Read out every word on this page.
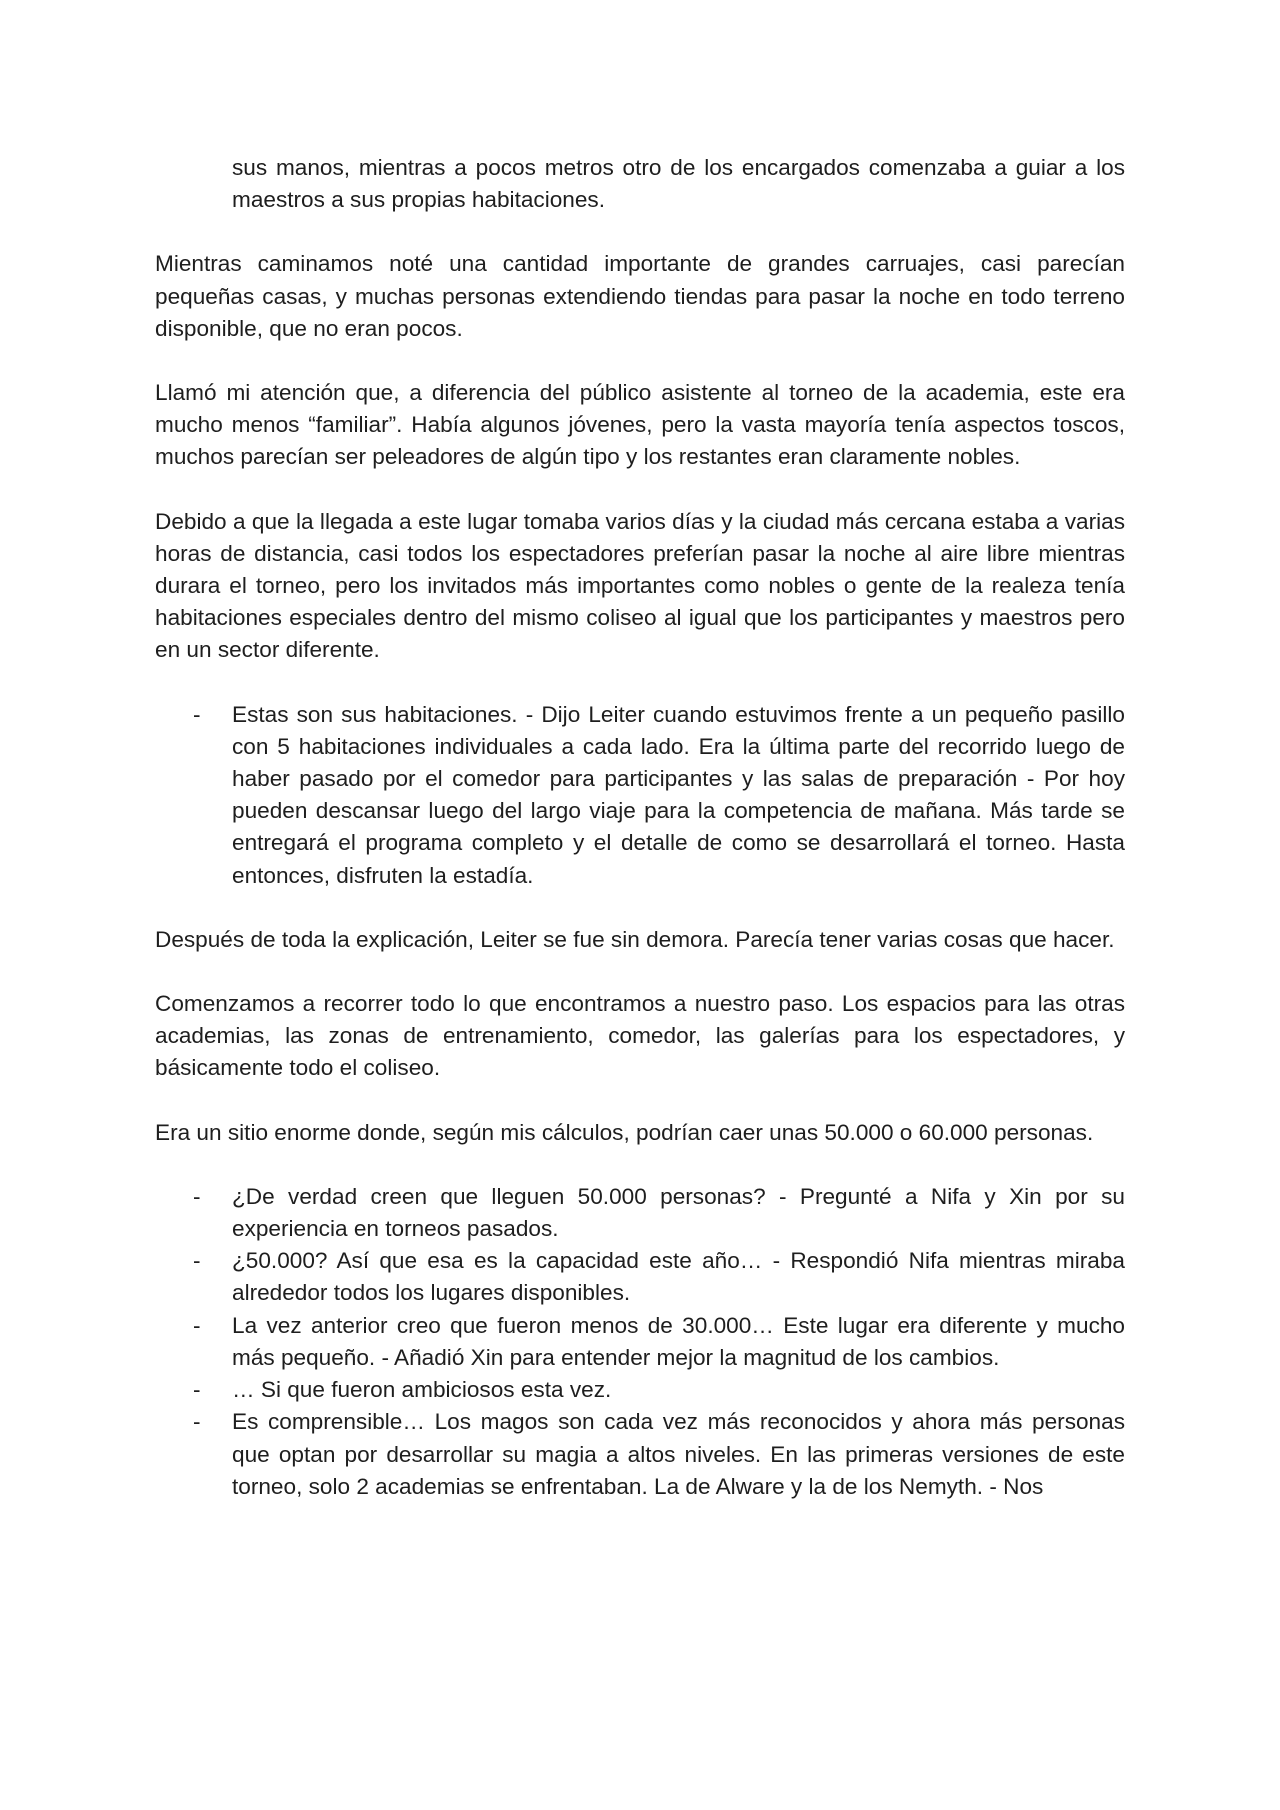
sus manos, mientras a pocos metros otro de los encargados comenzaba a guiar a los maestros a sus propias habitaciones.

Mientras caminamos noté una cantidad importante de grandes carruajes, casi parecían pequeñas casas, y muchas personas extendiendo tiendas para pasar la noche en todo terreno disponible, que no eran pocos.

Llamó mi atención que, a diferencia del público asistente al torneo de la academia, este era mucho menos “familiar”. Había algunos jóvenes, pero la vasta mayoría tenía aspectos toscos, muchos parecían ser peleadores de algún tipo y los restantes eran claramente nobles.

Debido a que la llegada a este lugar tomaba varios días y la ciudad más cercana estaba a varias horas de distancia, casi todos los espectadores preferían pasar la noche al aire libre mientras durara el torneo, pero los invitados más importantes como nobles o gente de la realeza tenía habitaciones especiales dentro del mismo coliseo al igual que los participantes y maestros pero en un sector diferente.

- Estas son sus habitaciones. - Dijo Leiter cuando estuvimos frente a un pequeño pasillo con 5 habitaciones individuales a cada lado. Era la última parte del recorrido luego de haber pasado por el comedor para participantes y las salas de preparación - Por hoy pueden descansar luego del largo viaje para la competencia de mañana. Más tarde se entregará el programa completo y el detalle de como se desarrollará el torneo. Hasta entonces, disfruten la estadía.

Después de toda la explicación, Leiter se fue sin demora. Parecía tener varias cosas que hacer.

Comenzamos a recorrer todo lo que encontramos a nuestro paso. Los espacios para las otras academias, las zonas de entrenamiento, comedor, las galerías para los espectadores, y básicamente todo el coliseo.

Era un sitio enorme donde, según mis cálculos, podrían caer unas 50.000 o 60.000 personas.

- ¿De verdad creen que lleguen 50.000 personas? - Pregunté a Nifa y Xin por su experiencia en torneos pasados.
- ¿50.000? Así que esa es la capacidad este año… - Respondió Nifa mientras miraba alrededor todos los lugares disponibles.
- La vez anterior creo que fueron menos de 30.000… Este lugar era diferente y mucho más pequeño. - Añadió Xin para entender mejor la magnitud de los cambios.
- … Si que fueron ambiciosos esta vez.
- Es comprensible… Los magos son cada vez más reconocidos y ahora más personas que optan por desarrollar su magia a altos niveles. En las primeras versiones de este torneo, solo 2 academias se enfrentaban. La de Alware y la de los Nemyth. - Nos
